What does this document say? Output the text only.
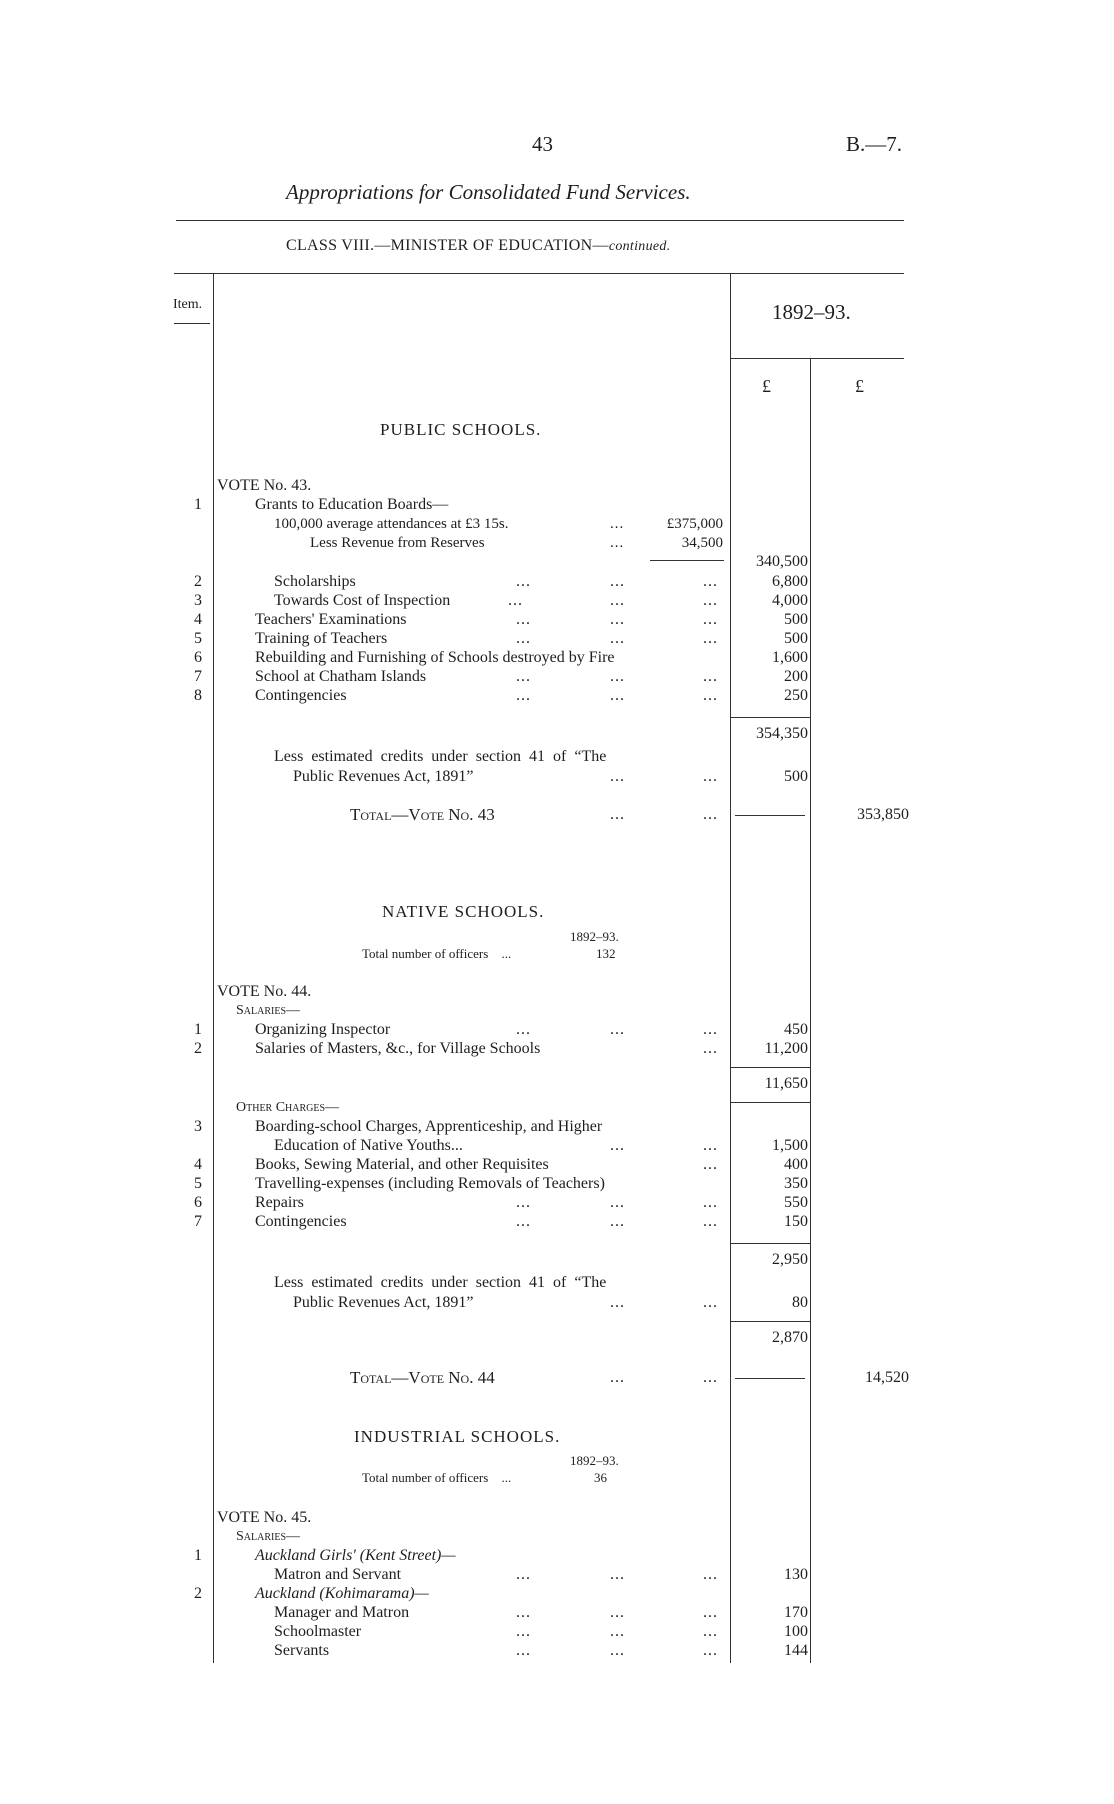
43	B.—7.
Appropriations for Consolidated Fund Services.
CLASS VIII.—MINISTER OF EDUCATION—continued.
Item.	1892–93.
£	£
PUBLIC SCHOOLS.
VOTE No. 43.
1	Grants to Education Boards—
100,000 average attendances at £3 15s.	...	£375,000
Less Revenue from Reserves	...	34,500
340,500
2	Scholarships	...	...	...	6,800
3	Towards Cost of Inspection	...	...	...	4,000
4	Teachers' Examinations	...	...	...	500
5	Training of Teachers	...	...	...	500
6	Rebuilding and Furnishing of Schools destroyed by Fire	1,600
7	School at Chatham Islands	...	...	...	200
8	Contingencies	...	...	...	250
354,350
Less estimated credits under section 41 of “The
Public Revenues Act, 1891”	...	...	500
Total—Vote No. 43	...	...	353,850
NATIVE SCHOOLS.
1892–93.
Total number of officers ...	132
VOTE No. 44.
Salaries—
1	Organizing Inspector	...	...	...	450
2	Salaries of Masters, &c., for Village Schools	...	11,200
11,650
Other Charges—
3	Boarding-school Charges, Apprenticeship, and Higher
Education of Native Youths...	...	...	1,500
4	Books, Sewing Material, and other Requisites	...	400
5	Travelling-expenses (including Removals of Teachers)	350
6	Repairs	...	...	...	550
7	Contingencies	...	...	...	150
2,950
Less estimated credits under section 41 of “The
Public Revenues Act, 1891”	...	...	80
2,870
Total—Vote No. 44	...	...	14,520
INDUSTRIAL SCHOOLS.
1892–93.
Total number of officers ...	36
VOTE No. 45.
Salaries—
1	Auckland Girls' (Kent Street)—
Matron and Servant	...	...	...	130
2	Auckland (Kohimarama)—
Manager and Matron	...	...	...	170
Schoolmaster	...	...	...	100
Servants	...	...	...	144
